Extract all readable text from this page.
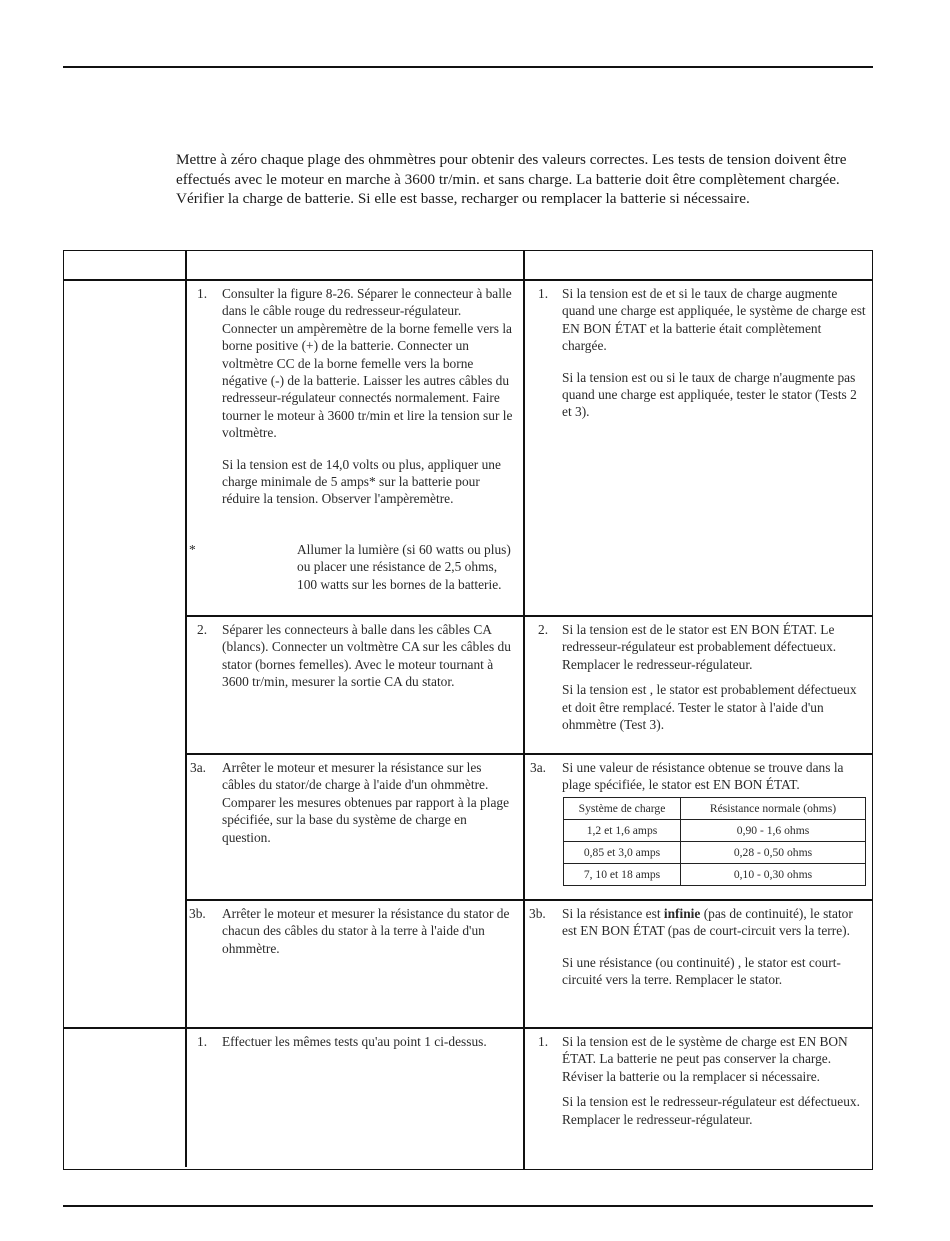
Mettre à zéro chaque plage des ohmmètres pour obtenir des valeurs correctes. Les tests de tension doivent être effectués avec le moteur en marche à 3600 tr/min. et sans charge. La batterie doit être complètement chargée. Vérifier la charge de batterie. Si elle est basse, recharger ou remplacer la batterie si nécessaire.
1. Consulter la figure 8-26. Séparer le connecteur à balle dans le câble rouge du redresseur-régulateur. Connecter un ampèremètre de la borne femelle vers la borne positive (+) de la batterie. Connecter un voltmètre CC de la borne femelle vers la borne négative (-) de la batterie. Laisser les autres câbles du redresseur-régulateur connectés normalement. Faire tourner le moteur à 3600 tr/min et lire la tension sur le voltmètre.

Si la tension est de 14,0 volts ou plus, appliquer une charge minimale de 5 amps* sur la batterie pour réduire la tension. Observer l'ampèremètre.

*	Allumer la lumière (si 60 watts ou plus) ou placer une résistance de 2,5 ohms, 100 watts sur les bornes de la batterie.
1. Si la tension est de et si le taux de charge augmente quand une charge est appliquée, le système de charge est EN BON ÉTAT et la batterie était complètement chargée.

Si la tension est ou si le taux de charge n'augmente pas quand une charge est appliquée, tester le stator (Tests 2 et 3).

2. Séparer les connecteurs à balle dans les câbles CA (blancs). Connecter un voltmètre CA sur les câbles du stator (bornes femelles). Avec le moteur tournant à 3600 tr/min, mesurer la sortie CA du stator.
2. Si la tension est de le stator est EN BON ÉTAT. Le redresseur-régulateur est probablement défectueux. Remplacer le redresseur-régulateur.

Si la tension est , le stator est probablement défectueux et doit être remplacé. Tester le stator à l'aide d'un ohmmètre (Test 3).

3a. Arrêter le moteur et mesurer la résistance sur les câbles du stator/de charge à l'aide d'un ohmmètre. Comparer les mesures obtenues par rapport à la plage spécifiée, sur la base du système de charge en question.
3a. Si une valeur de résistance obtenue se trouve dans la plage spécifiée, le stator est EN BON ÉTAT.
Système de charge	Résistance normale (ohms)
1,2 et 1,6 amps	0,90 - 1,6 ohms
0,85 et 3,0 amps	0,28 - 0,50 ohms
7, 10 et 18 amps	0,10 - 0,30 ohms
3b. Arrêter le moteur et mesurer la résistance du stator de chacun des câbles du stator à la terre à l'aide d'un ohmmètre.
3b. Si la résistance est infinie (pas de continuité), le stator est EN BON ÉTAT (pas de court-circuit vers la terre).

Si une résistance (ou continuité) , le stator est court-circuité vers la terre. Remplacer le stator.

1. Effectuer les mêmes tests qu'au point 1 ci-dessus.	1. Si la tension est de le système de charge est EN BON ÉTAT. La batterie ne peut pas conserver la charge. Réviser la batterie ou la remplacer si nécessaire.

Si la tension est le redresseur-régulateur est défectueux. Remplacer le redresseur-régulateur.
